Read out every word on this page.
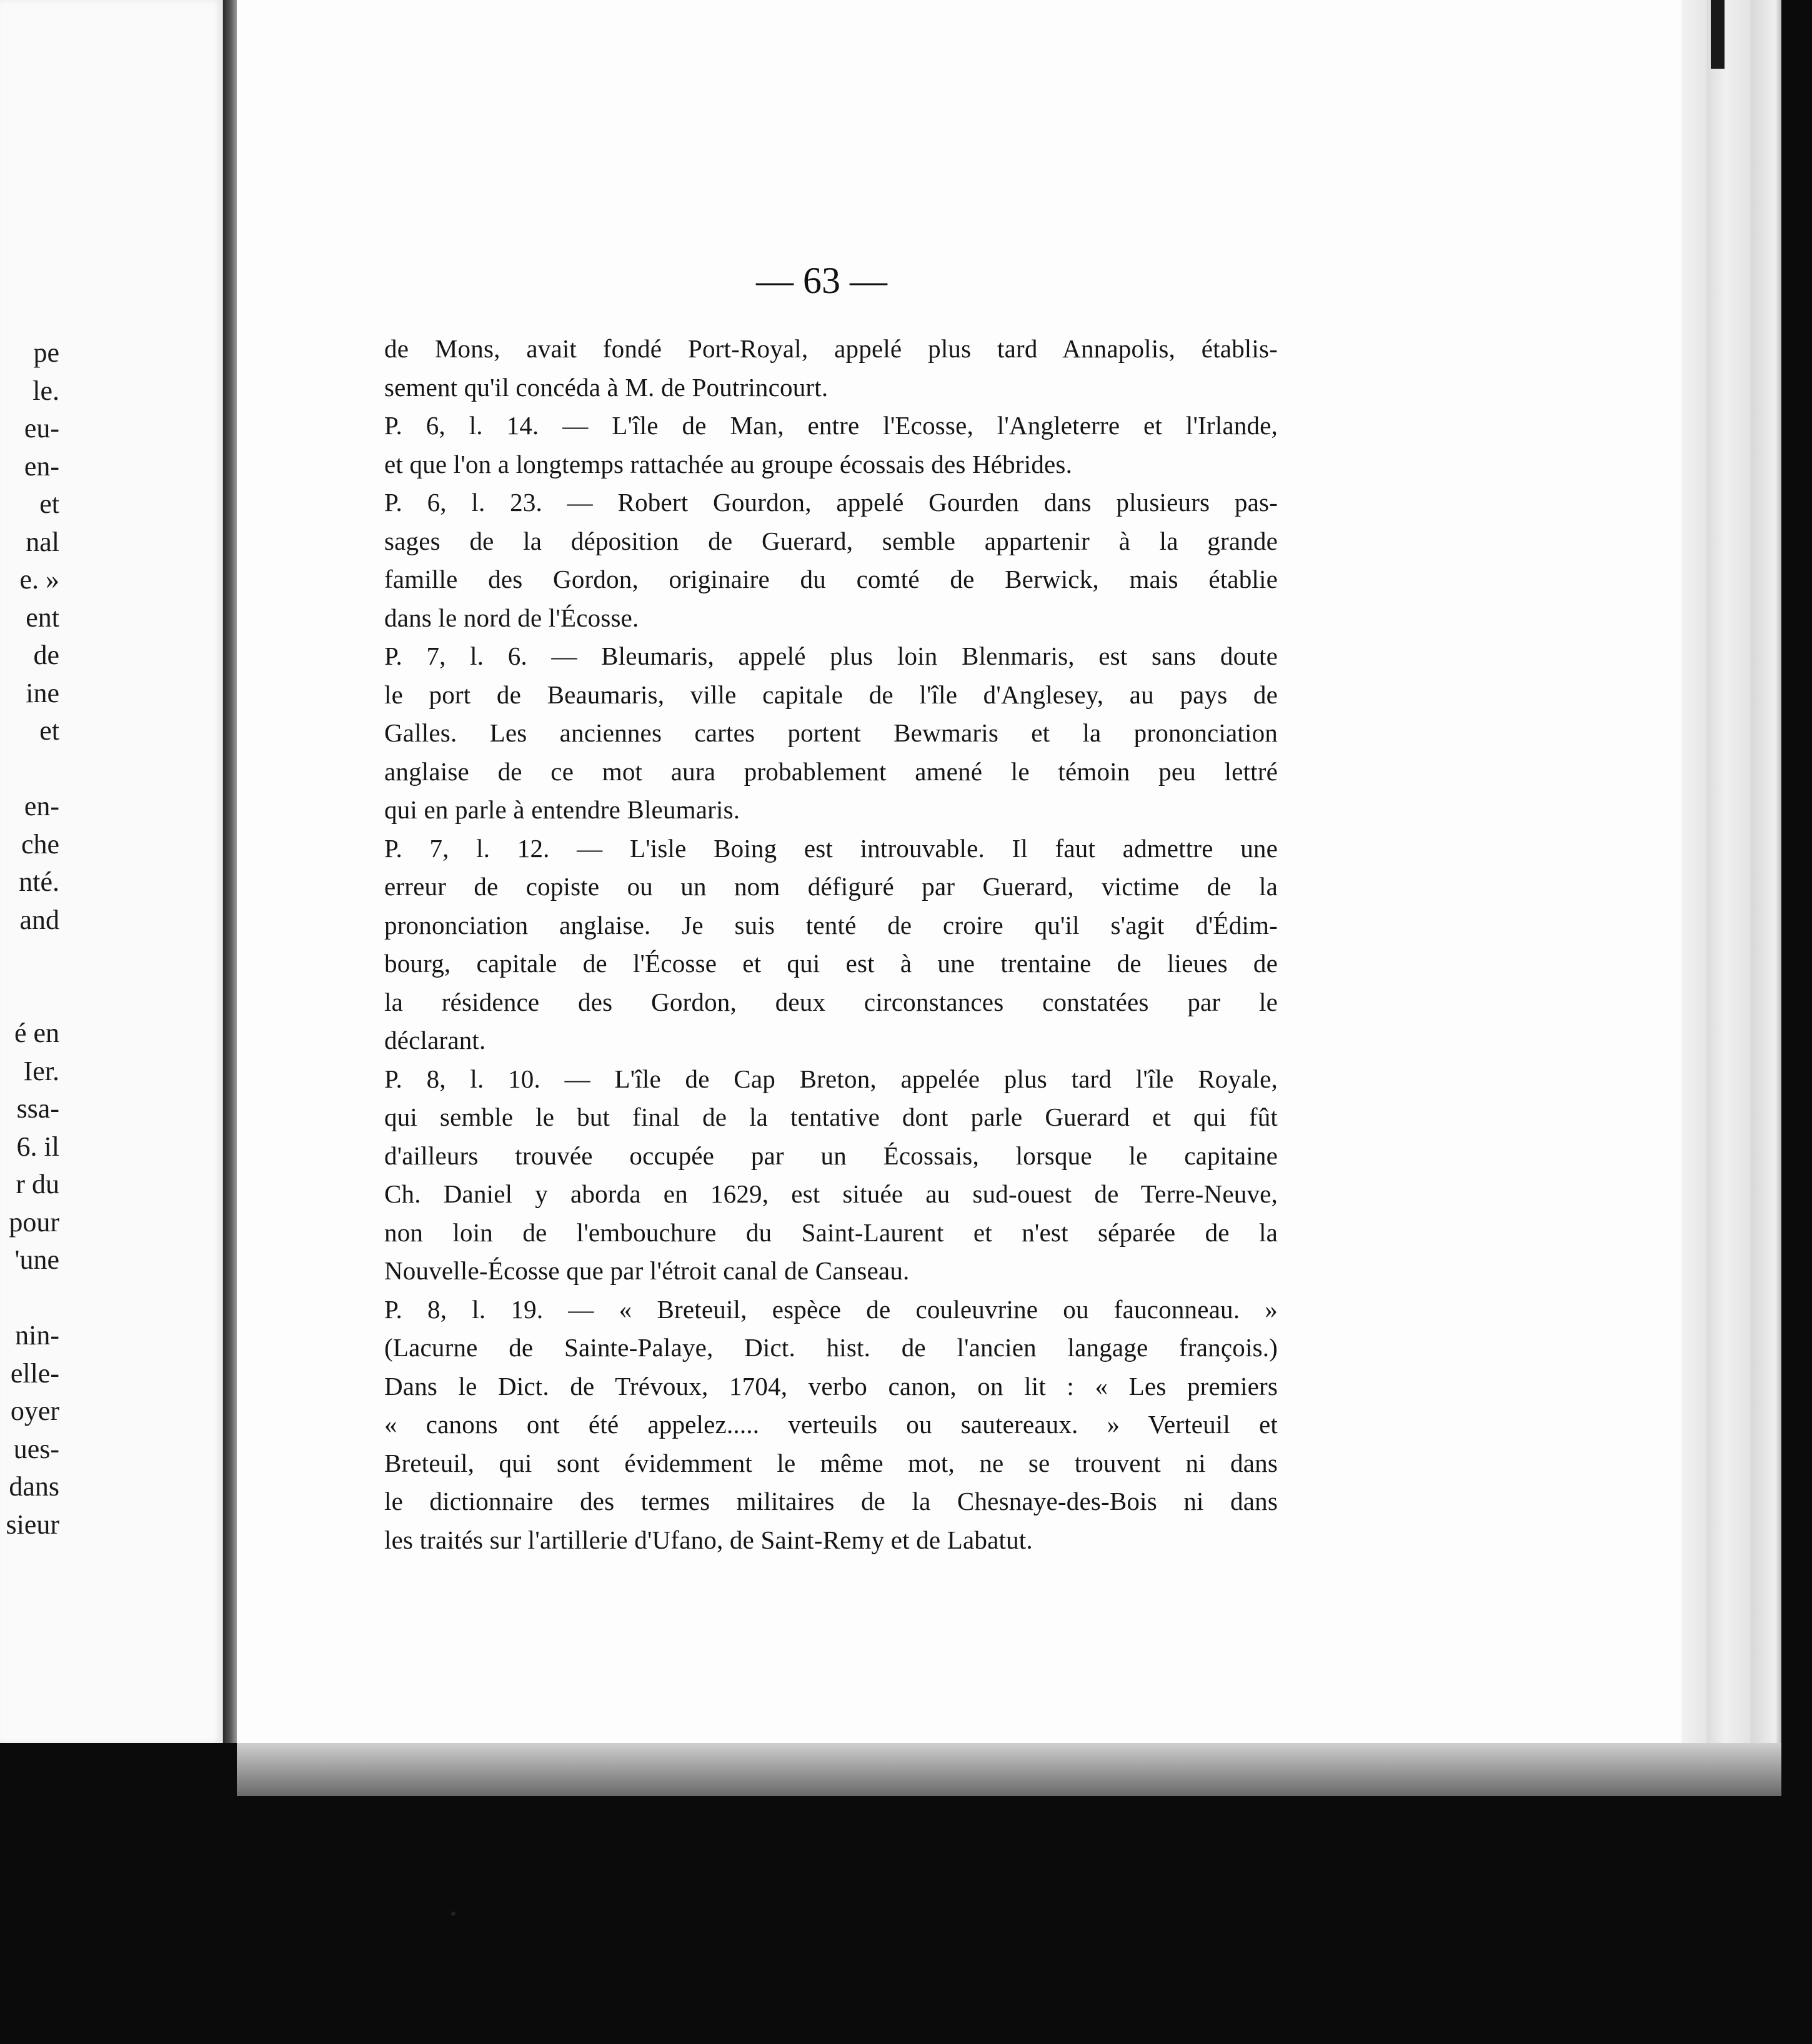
pe
le.
eu-
en-
et
nal
e. »
ent
de
ine
et
en-
che
nté.
and
é en
Ier.
ssa-
6. il
r du
pour
'une
nin-
elle-
oyer
ues-
dans
sieur
— 63 —
de Mons, avait fondé Port-Royal, appelé plus tard Annapolis, établis-
sement qu'il concéda à M. de Poutrincourt.
P. 6, l. 14. — L'île de Man, entre l'Ecosse, l'Angleterre et l'Irlande,
et que l'on a longtemps rattachée au groupe écossais des Hébrides.
P. 6, l. 23. — Robert Gourdon, appelé Gourden dans plusieurs pas-
sages de la déposition de Guerard, semble appartenir à la grande
famille des Gordon, originaire du comté de Berwick, mais établie
dans le nord de l'Écosse.
P. 7, l. 6. — Bleumaris, appelé plus loin Blenmaris, est sans doute
le port de Beaumaris, ville capitale de l'île d'Anglesey, au pays de
Galles. Les anciennes cartes portent Bewmaris et la prononciation
anglaise de ce mot aura probablement amené le témoin peu lettré
qui en parle à entendre Bleumaris.
P. 7, l. 12. — L'isle Boing est introuvable. Il faut admettre une
erreur de copiste ou un nom défiguré par Guerard, victime de la
prononciation anglaise. Je suis tenté de croire qu'il s'agit d'Édim-
bourg, capitale de l'Écosse et qui est à une trentaine de lieues de
la résidence des Gordon, deux circonstances constatées par le
déclarant.
P. 8, l. 10. — L'île de Cap Breton, appelée plus tard l'île Royale,
qui semble le but final de la tentative dont parle Guerard et qui fût
d'ailleurs trouvée occupée par un Écossais, lorsque le capitaine
Ch. Daniel y aborda en 1629, est située au sud-ouest de Terre-Neuve,
non loin de l'embouchure du Saint-Laurent et n'est séparée de la
Nouvelle-Écosse que par l'étroit canal de Canseau.
P. 8, l. 19. — « Breteuil, espèce de couleuvrine ou fauconneau. »
(Lacurne de Sainte-Palaye, Dict. hist. de l'ancien langage françois.)
Dans le Dict. de Trévoux, 1704, verbo canon, on lit : « Les premiers
« canons ont été appelez..... verteuils ou sautereaux. » Verteuil et
Breteuil, qui sont évidemment le même mot, ne se trouvent ni dans
le dictionnaire des termes militaires de la Chesnaye-des-Bois ni dans
les traités sur l'artillerie d'Ufano, de Saint-Remy et de Labatut.
